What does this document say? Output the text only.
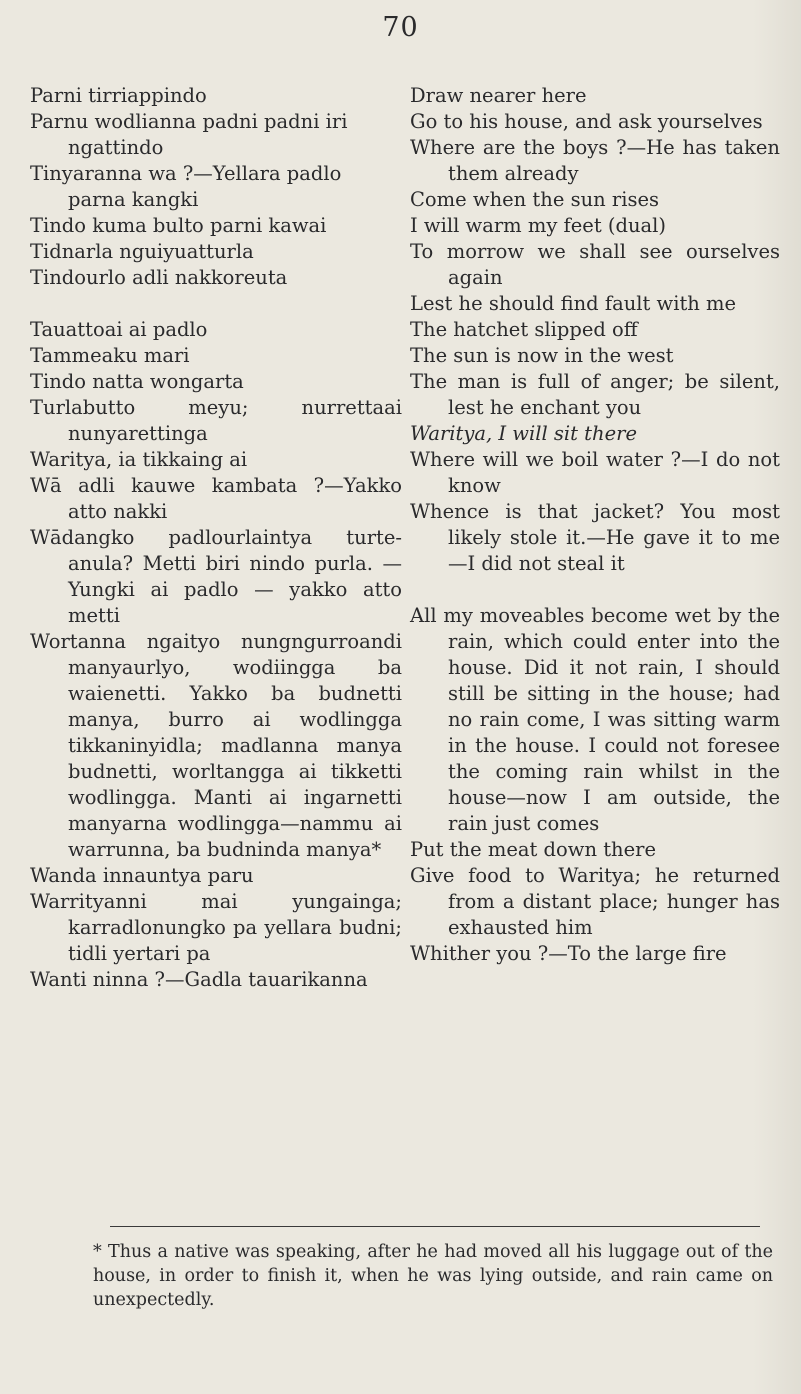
70

Parni tirriappindo

Parnu wodlianna padni padni iri ngattindo

Tinyaranna wa ?—Yellara padlo parna kangki

Tindo kuma bulto parni kawai

Tidnarla nguiyuatturla

Tindourlo adli nakkoreuta

Tauattoai ai padlo

Tammeaku mari

Tindo natta wongarta

Turlabutto meyu; nurrettaai nunyarettinga

Waritya, ia tikkaing ai

Wā adli kauwe kambata ?—Yakko atto nakki

Wādangko padlourlaintya turteanula? Metti biri nindo purla. —Yungki ai padlo — yakko atto metti

Wortanna ngaityo nungngurroandi manyaurlyo, wodiingga ba waienetti. Yakko ba budnetti manya, burro ai wodlingga tikkaninyidla; madlanna manya budnetti, worltangga ai tikketti wodlingga. Manti ai ingarnetti manyarna wodlingga—nammu ai warrunna, ba budninda manya*

Wanda innauntya paru

Warrityanni mai yungainga; karradlonungko pa yellara budni; tidli yertari pa

Wanti ninna ?—Gadla tauarikanna

Draw nearer here

Go to his house, and ask yourselves

Where are the boys ?—He has taken them already

Come when the sun rises

I will warm my feet (dual)

To morrow we shall see ourselves again

Lest he should find fault with me

The hatchet slipped off

The sun is now in the west

The man is full of anger; be silent, lest he enchant you

Waritya, I will sit there

Where will we boil water ?—I do not know

Whence is that jacket? You most likely stole it.—He gave it to me—I did not steal it

All my moveables become wet by the rain, which could enter into the house. Did it not rain, I should still be sitting in the house; had no rain come, I was sitting warm in the house. I could not foresee the coming rain whilst in the house—now I am outside, the rain just comes

Put the meat down there

Give food to Waritya; he returned from a distant place; hunger has exhausted him

Whither you ?—To the large fire

* Thus a native was speaking, after he had moved all his luggage out of the house, in order to finish it, when he was lying outside, and rain came on unexpectedly.
